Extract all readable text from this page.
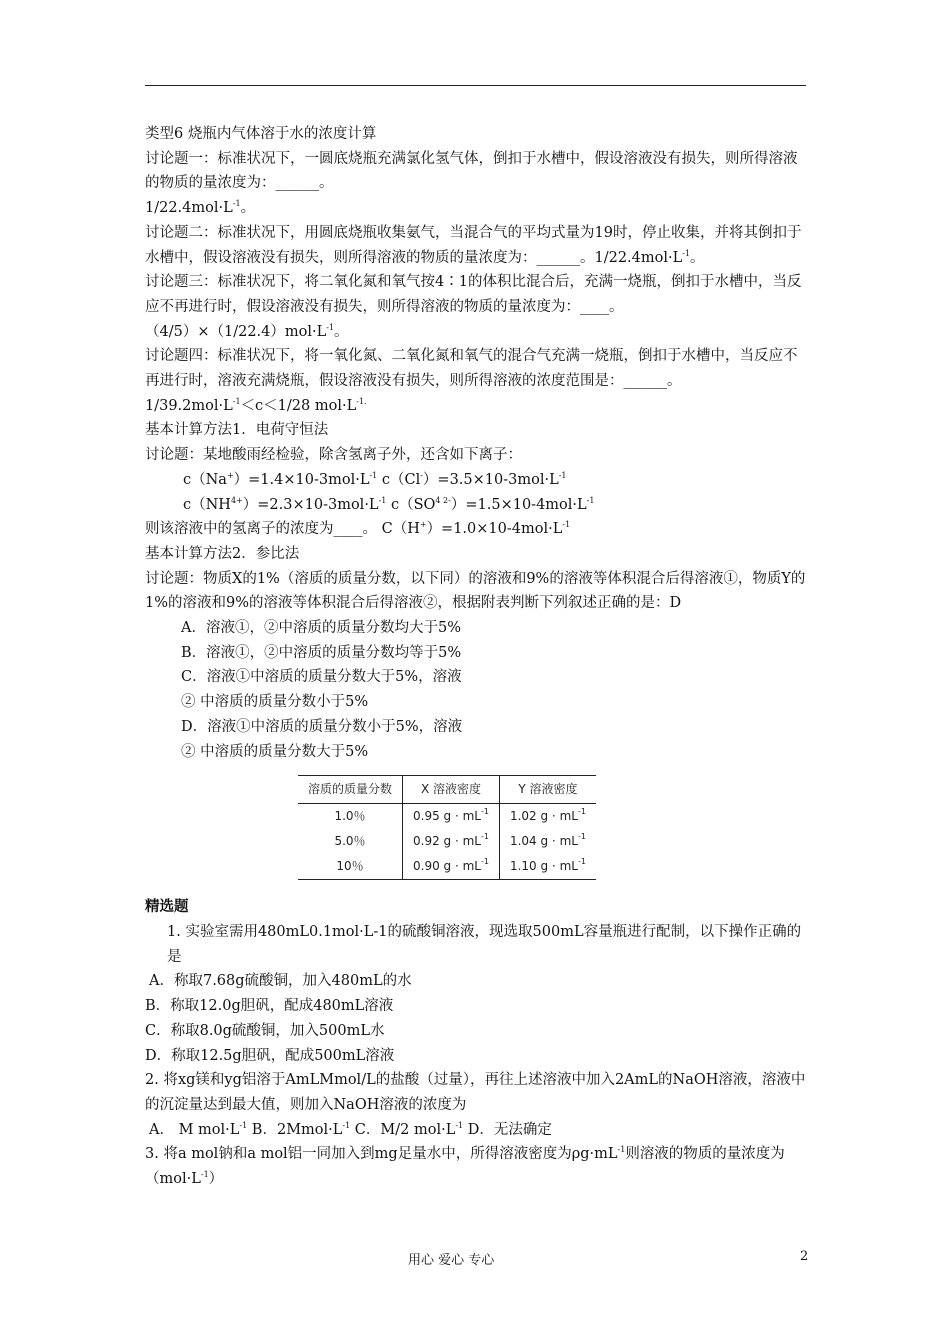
类型6 烧瓶内气体溶于水的浓度计算
讨论题一：标准状况下，一圆底烧瓶充满氯化氢气体，倒扣于水槽中，假设溶液没有损失，则所得溶液的物质的量浓度为：______。
$1/22.4mol\cdot L^{-1}$。
讨论题二：标准状况下，用圆底烧瓶收集氨气，当混合气的平均式量为19时，停止收集，并将其倒扣于水槽中，假设溶液没有损失，则所得溶液的物质的量浓度为：______。$1/22.4mol\cdot L^{-1}$。
讨论题三：标准状况下，将二氧化氮和氧气按4∶1的体积比混合后，充满一烧瓶，倒扣于水槽中，当反应不再进行时，假设溶液没有损失，则所得溶液的物质的量浓度为：____。
$(4/5)\times(1/22.4)mol\cdot L^{-1}$。
讨论题四：标准状况下，将一氧化氮、二氧化氮和氧气的混合气充满一烧瓶，倒扣于水槽中，当反应不再进行时，溶液充满烧瓶，假设溶液没有损失，则所得溶液的浓度范围是：______。
$1/39.2mol\cdot L^{-1}<c<1/28$ $mol\cdot L^{-1.}$
基本计算方法1．电荷守恒法
讨论题：某地酸雨经检验，除含氢离子外，还含如下离子：
$c(Na^+)=1.4\times 10-3mol\cdot L^{-1}$ $c(Cl^-)=3.5\times 10-3mol\cdot L^{-1}$
$c(NH^{4+})=2.3\times 10-3mol\cdot L^{-1}$ $c(SO^{4 2-})=1.5\times 10-4mol\cdot L^{-1}$
则该溶液中的氢离子的浓度为____。 $C(H^+)=1.0\times 10-4mol\cdot L^{-1}$
基本计算方法2．参比法
讨论题：物质X的1%（溶质的质量分数，以下同）的溶液和9%的溶液等体积混合后得溶液①，物质Y的1%的溶液和9%的溶液等体积混合后得溶液②，根据附表判断下列叙述正确的是：D
A．溶液①，②中溶质的质量分数均大于5%
B．溶液①，②中溶质的质量分数均等于5%
C．溶液①中溶质的质量分数大于5%，溶液
② 中溶质的质量分数小于5%
D．溶液①中溶质的质量分数小于5%，溶液
② 中溶质的质量分数大于5%
溶质的质量分数	X 溶液密度	Y 溶液密度
1.0％	0.95 $g \cdot mL^{-1}$	1.02 $g \cdot mL^{-1}$
5.0％	0.92 $g \cdot mL^{-1}$	1.04 $g \cdot mL^{-1}$
10％	0.90 $g \cdot mL^{-1}$	1.10 $g \cdot mL^{-1}$
精选题
1. 实验室需用480mL0.1mol·L-1的硫酸铜溶液，现选取500mL容量瓶进行配制，以下操作正确的是
A．称取7.68g硫酸铜，加入480mL的水
B．称取12.0g胆矾，配成480mL溶液
C．称取8.0g硫酸铜，加入500mL水
D．称取12.5g胆矾，配成500mL溶液
2. 将xg镁和yg铝溶于AmLMmol/L的盐酸（过量），再往上述溶液中加入2AmL的NaOH溶液，溶液中的沉淀量达到最大值，则加入NaOH溶液的浓度为
A． M $mol\cdot L^{-1}$ B．$2Mmol\cdot L^{-1}$ C．M/2 $mol\cdot L^{-1}$ D．无法确定
3. 将a mol钠和a mol铝一同加入到mg足量水中，所得溶液密度为$\rho g\cdot mL^{-1}$则溶液的物质的量浓度为$(mol\cdot L^{-1})$
用心 爱心 专心	2
